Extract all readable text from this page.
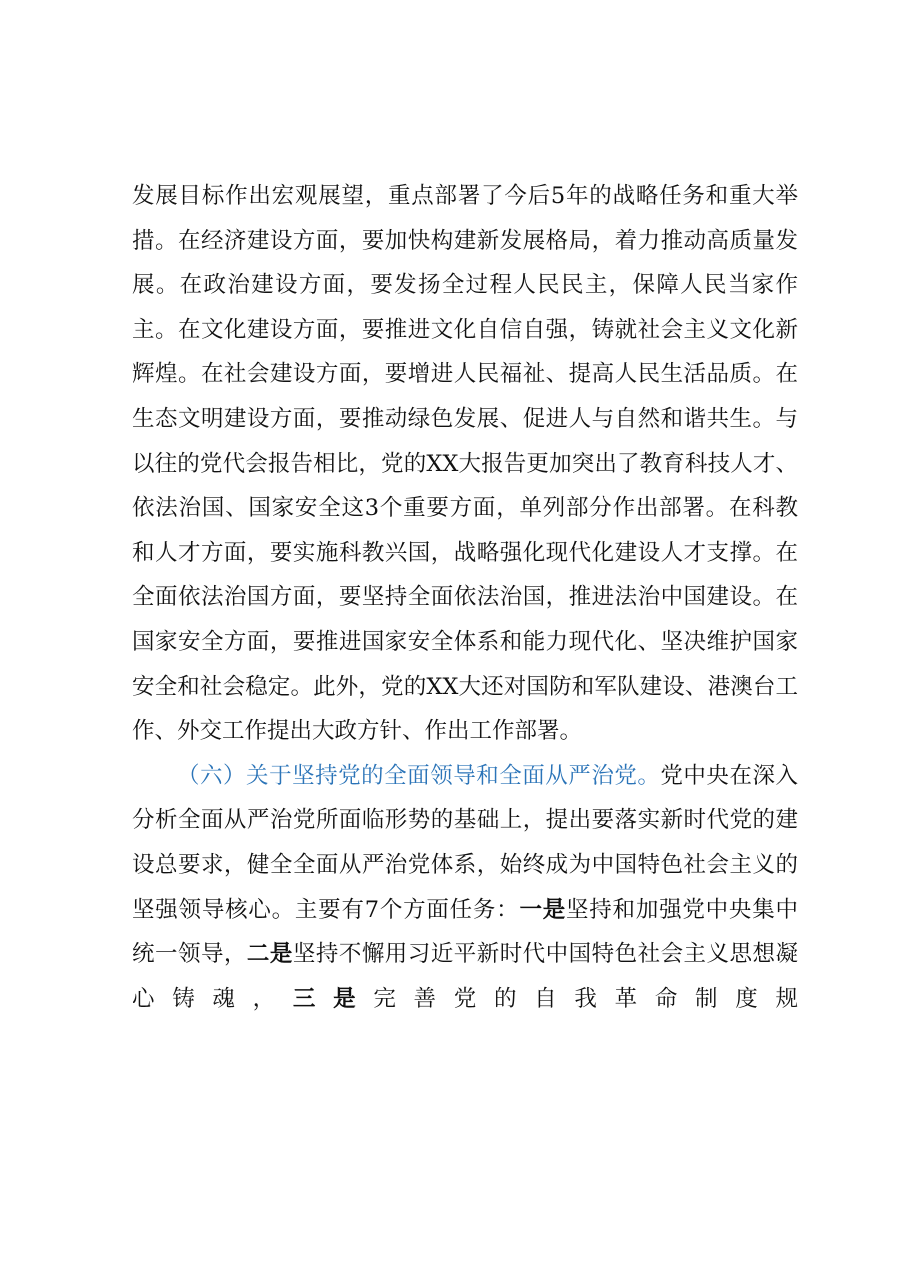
发展目标作出宏观展望，重点部署了今后5年的战略任务和重大举措。在经济建设方面，要加快构建新发展格局，着力推动高质量发展。在政治建设方面，要发扬全过程人民民主，保障人民当家作主。在文化建设方面，要推进文化自信自强，铸就社会主义文化新辉煌。在社会建设方面，要增进人民福祉、提高人民生活品质。在生态文明建设方面，要推动绿色发展、促进人与自然和谐共生。与以往的党代会报告相比，党的XX大报告更加突出了教育科技人才、依法治国、国家安全这3个重要方面，单列部分作出部署。在科教和人才方面，要实施科教兴国，战略强化现代化建设人才支撑。在全面依法治国方面，要坚持全面依法治国，推进法治中国建设。在国家安全方面，要推进国家安全体系和能力现代化、坚决维护国家安全和社会稳定。此外，党的XX大还对国防和军队建设、港澳台工作、外交工作提出大政方针、作出工作部署。

（六）关于坚持党的全面领导和全面从严治党。党中央在深入分析全面从严治党所面临形势的基础上，提出要落实新时代党的建设总要求，健全全面从严治党体系，始终成为中国特色社会主义的坚强领导核心。主要有7个方面任务：一是坚持和加强党中央集中统一领导，二是坚持不懈用习近平新时代中国特色社会主义思想凝心铸魂，三是完善党的自我革命制度规
